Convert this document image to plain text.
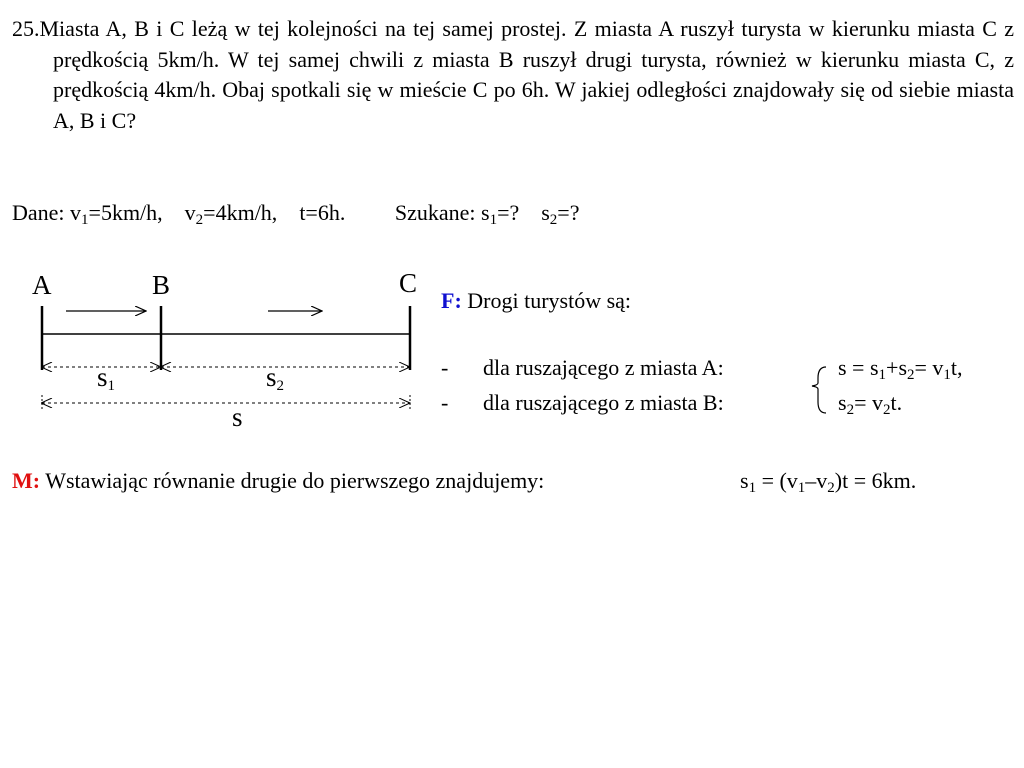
25.Miasta A, B i C leżą w tej kolejności na tej samej prostej. Z miasta A ruszył turysta w kierunku miasta C z prędkością 5km/h. W tej samej chwili z miasta B ruszył drugi turysta, również w kierunku miasta C, z prędkością 4km/h. Obaj spotkali się w mieście C po 6h. W jakiej odległości znajdowały się od siebie miasta A, B i C?

Dane: $v_1=5km/h$, $v_2=4km/h$, t=6h. Szukane: $s_1=$? $s_2=$?
A	B	C
$s_1$	$s_2$
s
F: Drogi turystów są:
- dla ruszającego z miasta A:
- dla ruszającego z miasta B:
$s = s_1+s_2= v_1t$,
$s_2= v_2t$.
M: Wstawiając równanie drugie do pierwszego znajdujemy:	$s_1 = (v_1-v_2)t = 6km$.
